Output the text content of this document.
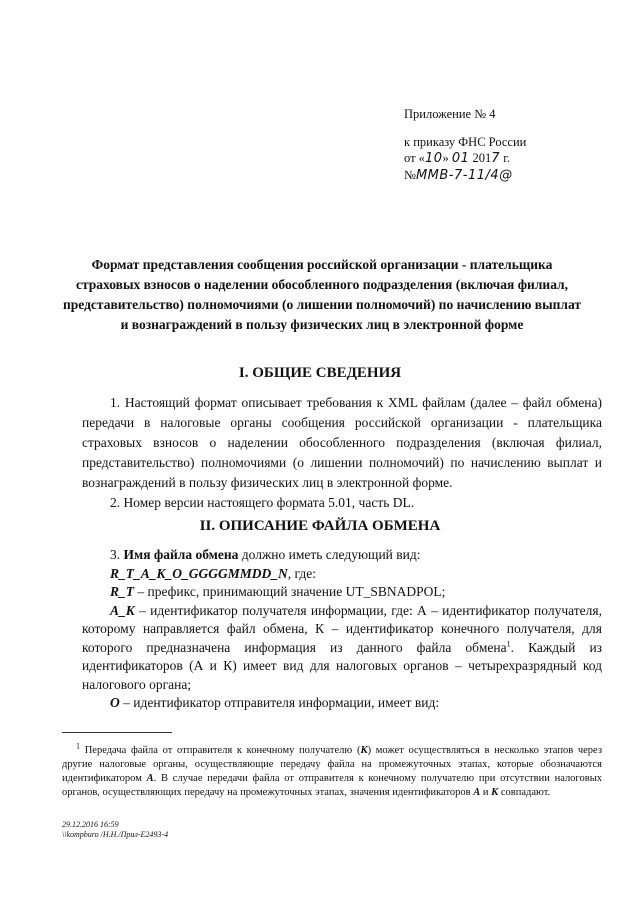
Приложение № 4
к приказу ФНС России
от «10» 01 2017 г.
№ММВ-7-11/4@
Формат представления сообщения российской организации - плательщика страховых взносов о наделении обособленного подразделения (включая филиал, представительство) полномочиями (о лишении полномочий) по начислению выплат и вознаграждений в пользу физических лиц в электронной форме
I. ОБЩИЕ СВЕДЕНИЯ

1. Настоящий формат описывает требования к XML файлам (далее – файл обмена) передачи в налоговые органы сообщения российской организации - плательщика страховых взносов о наделении обособленного подразделения (включая филиал, представительство) полномочиями (о лишении полномочий) по начислению выплат и вознаграждений в пользу физических лиц в электронной форме.

2. Номер версии настоящего формата 5.01, часть DL.

II. ОПИСАНИЕ ФАЙЛА ОБМЕНА

3. Имя файла обмена должно иметь следующий вид:

R_T_A_K_O_GGGGMMDD_N, где:

R_T – префикс, принимающий значение UT_SBNADPOL;

A_K – идентификатор получателя информации, где: А – идентификатор получателя, которому направляется файл обмена, К – идентификатор конечного получателя, для которого предназначена информация из данного файла обмена$^1$. Каждый из идентификаторов (А и К) имеет вид для налоговых органов – четырехразрядный код налогового органа;

O – идентификатор отправителя информации, имеет вид:

$^1$ Передача файла от отправителя к конечному получателю (К) может осуществляться в несколько этапов через другие налоговые органы, осуществляющие передачу файла на промежуточных этапах, которые обозначаются идентификатором А. В случае передачи файла от отправителя к конечному получателю при отсутствии налоговых органов, осуществляющих передачу на промежуточных этапах, значения идентификаторов А и К совпадают.

29.12.2016 16:59
\\kompburo /Н.Н./Прил-Е2493-4
